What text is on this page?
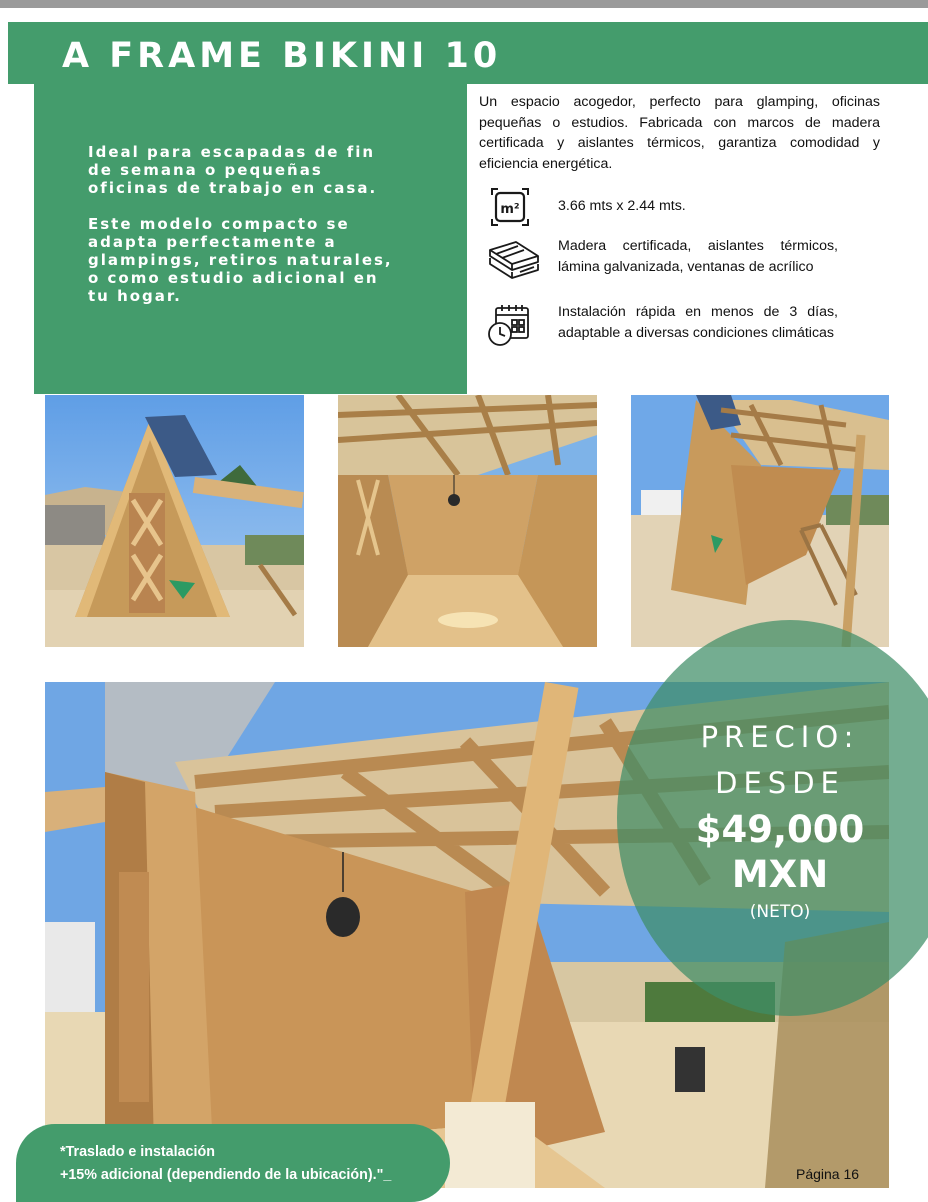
A FRAME BIKINI 10

Ideal para escapadas de fin de semana o pequeñas oficinas de trabajo en casa.

Este modelo compacto se adapta perfectamente a glampings, retiros naturales, o como estudio adicional en tu hogar.

Un espacio acogedor, perfecto para glamping, oficinas pequeñas o estudios. Fabricada con marcos de madera certificada y aislantes térmicos, garantiza comodidad y eficiencia energética.

m²	3.66 mts x 2.44 mts.
Madera certificada, aislantes térmicos, lámina galvanizada, ventanas de acrílico
Instalación rápida en menos de 3 días, adaptable a diversas condiciones climáticas
PRECIO:
DESDE
$49,000
MXN
(NETO)
*Traslado e instalación
+15% adicional (dependiendo de la ubicación)."_	Página 16
